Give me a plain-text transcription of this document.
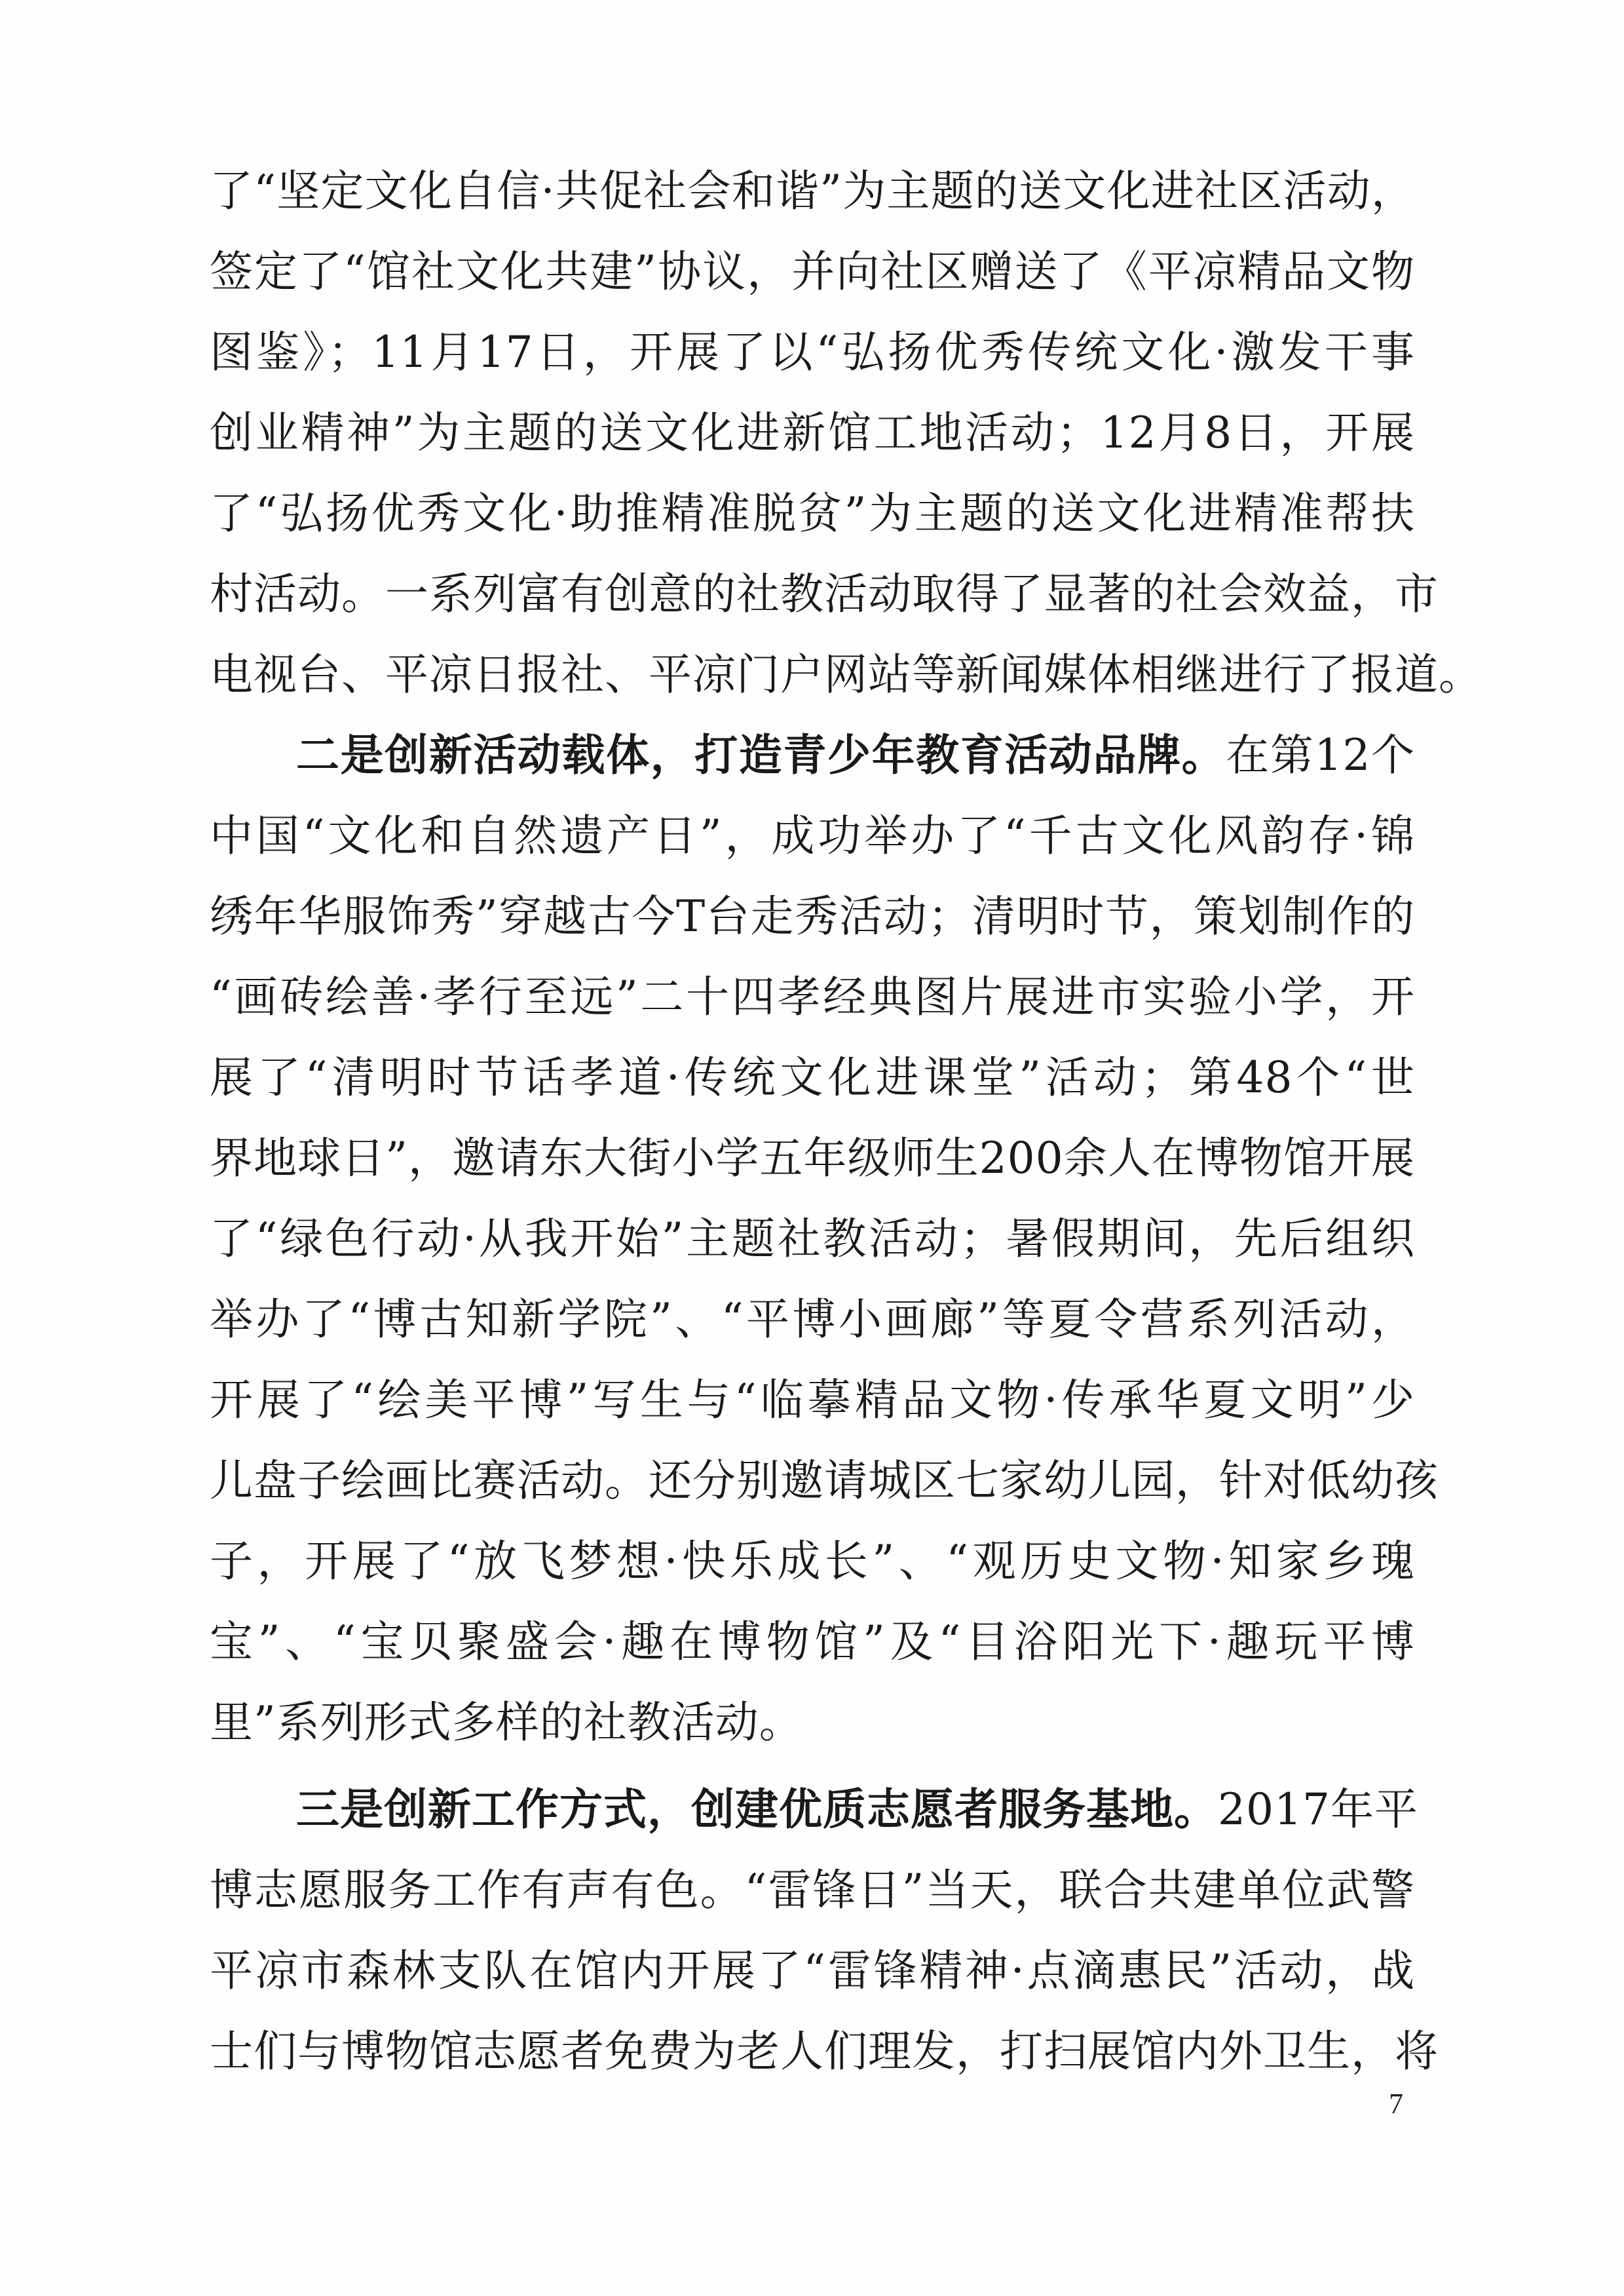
了“坚定文化自信·共促社会和谐”为主题的送文化进社区活动，
签定了“馆社文化共建”协议，并向社区赠送了《平凉精品文物
图鉴》；11月17日，开展了以“弘扬优秀传统文化·激发干事
创业精神”为主题的送文化进新馆工地活动；12月8日，开展
了“弘扬优秀文化·助推精准脱贫”为主题的送文化进精准帮扶
村活动。一系列富有创意的社教活动取得了显著的社会效益，市
电视台、平凉日报社、平凉门户网站等新闻媒体相继进行了报道。
二是创新活动载体，打造青少年教育活动品牌。在第12个
中国“文化和自然遗产日”，成功举办了“千古文化风韵存·锦
绣年华服饰秀”穿越古今T台走秀活动；清明时节，策划制作的
“画砖绘善·孝行至远”二十四孝经典图片展进市实验小学，开
展了“清明时节话孝道·传统文化进课堂”活动；第48个“世
界地球日”，邀请东大街小学五年级师生200余人在博物馆开展
了“绿色行动·从我开始”主题社教活动；暑假期间，先后组织
举办了“博古知新学院”、“平博小画廊”等夏令营系列活动，
开展了“绘美平博”写生与“临摹精品文物·传承华夏文明”少
儿盘子绘画比赛活动。还分别邀请城区七家幼儿园，针对低幼孩
子，开展了“放飞梦想·快乐成长”、“观历史文物·知家乡瑰
宝”、“宝贝聚盛会·趣在博物馆”及“目浴阳光下·趣玩平博
里”系列形式多样的社教活动。
三是创新工作方式，创建优质志愿者服务基地。2017年平
博志愿服务工作有声有色。“雷锋日”当天，联合共建单位武警
平凉市森林支队在馆内开展了“雷锋精神·点滴惠民”活动，战
士们与博物馆志愿者免费为老人们理发，打扫展馆内外卫生，将
7
